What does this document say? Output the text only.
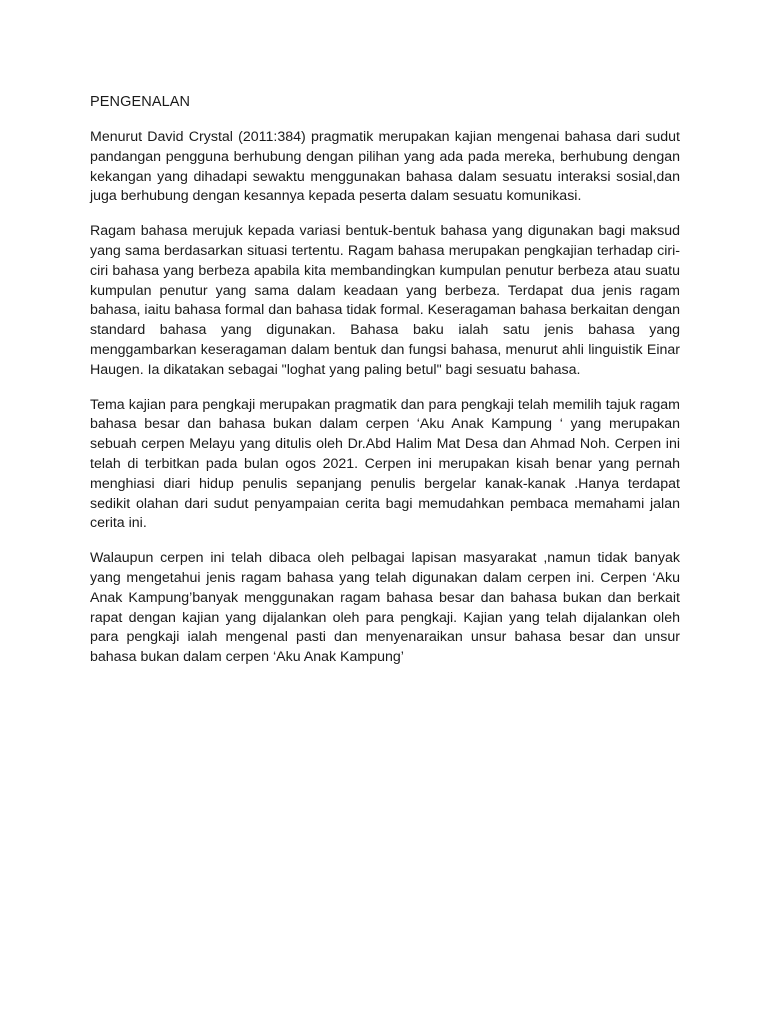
PENGENALAN

Menurut David Crystal (2011:384) pragmatik merupakan kajian mengenai bahasa dari sudut pandangan pengguna berhubung dengan pilihan yang ada pada mereka, berhubung dengan kekangan yang dihadapi sewaktu menggunakan bahasa dalam sesuatu interaksi sosial,dan juga berhubung dengan kesannya kepada peserta dalam sesuatu komunikasi.

Ragam bahasa merujuk kepada variasi bentuk-bentuk bahasa yang digunakan bagi maksud yang sama berdasarkan situasi tertentu. Ragam bahasa merupakan pengkajian terhadap ciri-ciri bahasa yang berbeza apabila kita membandingkan kumpulan penutur berbeza atau suatu kumpulan penutur yang sama dalam keadaan yang berbeza. Terdapat dua jenis ragam bahasa, iaitu bahasa formal dan bahasa tidak formal. Keseragaman bahasa berkaitan dengan standard bahasa yang digunakan. Bahasa baku ialah satu jenis bahasa yang menggambarkan keseragaman dalam bentuk dan fungsi bahasa, menurut ahli linguistik Einar Haugen. Ia dikatakan sebagai "loghat yang paling betul" bagi sesuatu bahasa.

Tema kajian para pengkaji merupakan pragmatik dan para pengkaji telah memilih tajuk ragam bahasa besar dan bahasa bukan dalam cerpen ‘Aku Anak Kampung ‘ yang merupakan sebuah cerpen Melayu yang ditulis oleh Dr.Abd Halim Mat Desa dan Ahmad Noh. Cerpen ini telah di terbitkan pada bulan ogos 2021. Cerpen ini merupakan kisah benar yang pernah menghiasi diari hidup penulis sepanjang penulis bergelar kanak-kanak .Hanya terdapat sedikit olahan dari sudut penyampaian cerita bagi memudahkan pembaca memahami jalan cerita ini.

Walaupun cerpen ini telah dibaca oleh pelbagai lapisan masyarakat ,namun tidak banyak yang mengetahui jenis ragam bahasa yang telah digunakan dalam cerpen ini. Cerpen ‘Aku Anak Kampung’banyak menggunakan ragam bahasa besar dan bahasa bukan dan berkait rapat dengan kajian yang dijalankan oleh para pengkaji. Kajian yang telah dijalankan oleh para pengkaji ialah mengenal pasti dan menyenaraikan unsur bahasa besar dan unsur bahasa bukan dalam cerpen ‘Aku Anak Kampung’
